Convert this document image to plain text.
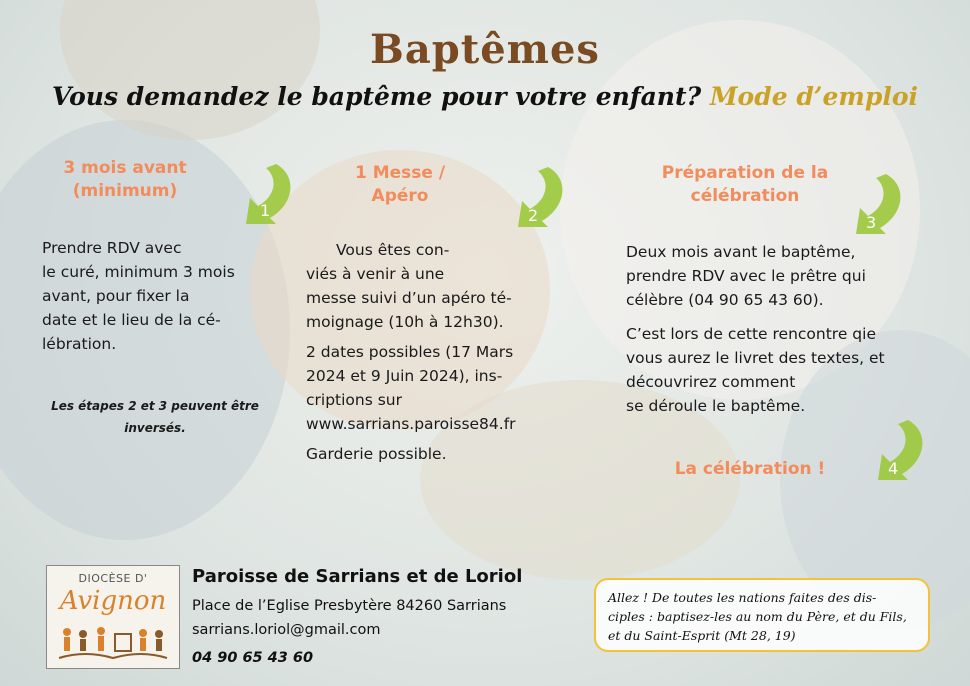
Baptêmes
Vous demandez le baptême pour votre enfant? Mode d’emploi
3 mois avant
(minimum)
1
Prendre RDV avec
le curé, minimum 3 mois
avant, pour fixer la
date et le lieu de la cé-
lébration.
Les étapes 2 et 3 peuvent être
inversés.
1 Messe /
Apéro
2

Vous êtes con-
viés à venir à une
messe suivi d’un apéro té-
moignage (10h à 12h30).

2 dates possibles (17 Mars
2024 et 9 Juin 2024), ins-
criptions sur
www.sarrians.paroisse84.fr

Garderie possible.

Préparation de la
célébration
3

Deux mois avant le baptême,
prendre RDV avec le prêtre qui
célèbre (04 90 65 43 60).

C’est lors de cette rencontre qie
vous aurez le livret des textes, et
découvrirez comment
se déroule le baptême.

La célébration !	4
DIOCÈSE D'
Avignon
Paroisse de Sarrians et de Loriol
Place de l’Eglise Presbytère 84260 Sarrians
sarrians.loriol@gmail.com
04 90 65 43 60
Allez ! De toutes les nations faites des dis-
ciples : baptisez-les au nom du Père, et du Fils,
et du Saint-Esprit (Mt 28, 19)
